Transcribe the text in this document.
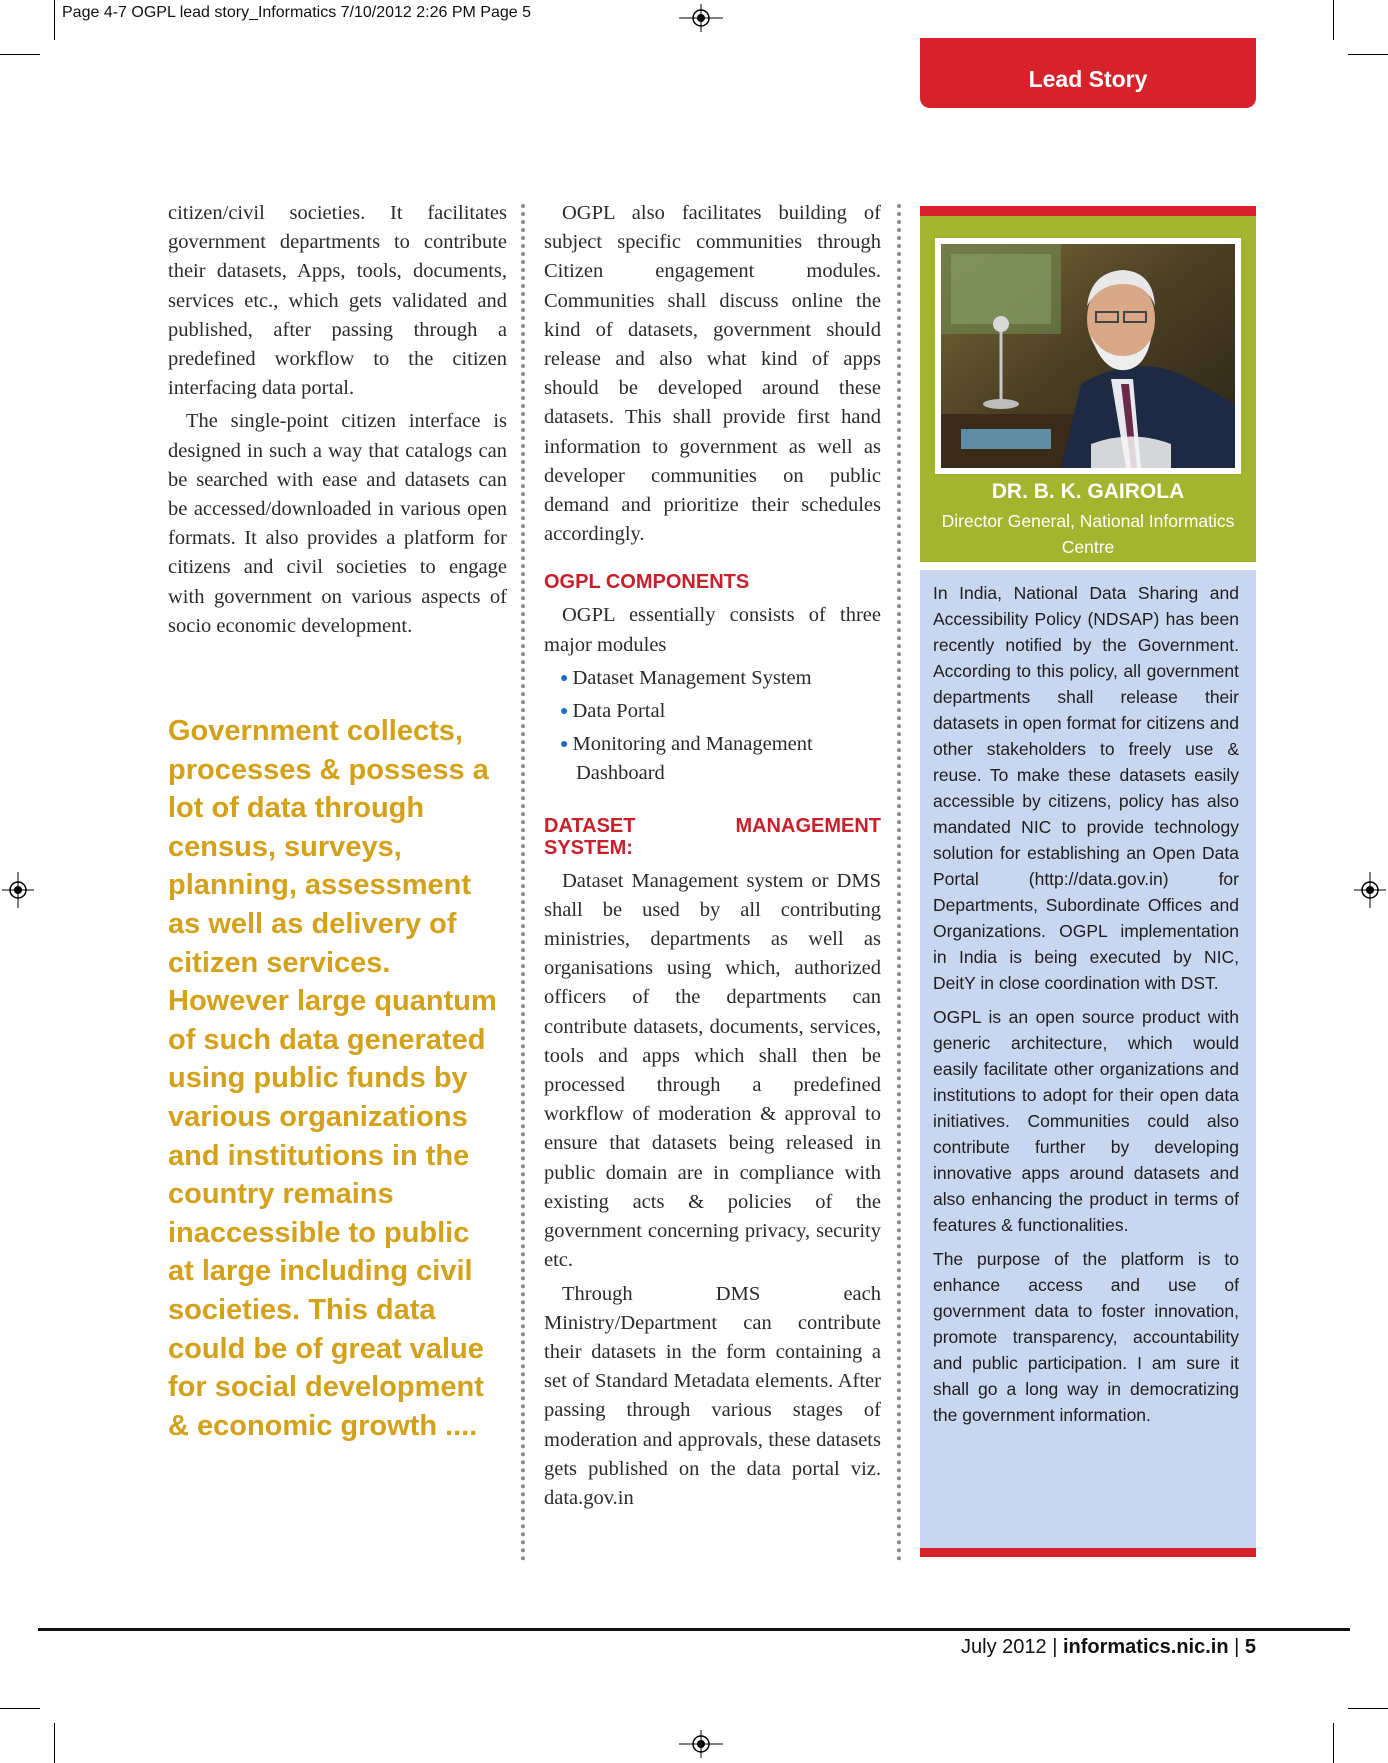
Page 4-7 OGPL lead story_Informatics 7/10/2012 2:26 PM Page 5
Lead Story

citizen/civil societies. It facilitates government departments to contribute their datasets, Apps, tools, documents, services etc., which gets validated and published, after passing through a predefined workflow to the citizen interfacing data portal.

The single-point citizen interface is designed in such a way that catalogs can be searched with ease and datasets can be accessed/downloaded in various open formats. It also provides a platform for citizens and civil societies to engage with government on various aspects of socio economic development.

Government collects, processes & possess a lot of data through census, surveys, planning, assessment as well as delivery of citizen services. However large quantum of such data generated using public funds by various organizations and institutions in the country remains inaccessible to public at large including civil societies. This data could be of great value for social development & economic growth ....

OGPL also facilitates building of subject specific communities through Citizen engagement modules. Communities shall discuss online the kind of datasets, government should release and also what kind of apps should be developed around these datasets. This shall provide first hand information to government as well as developer communities on public demand and prioritize their schedules accordingly.

OGPL COMPONENTS

OGPL essentially consists of three major modules

● Dataset Management System
● Data Portal
● Monitoring and Management Dashboard
DATASET MANAGEMENT SYSTEM:

Dataset Management system or DMS shall be used by all contributing ministries, departments as well as organisations using which, authorized officers of the departments can contribute datasets, documents, services, tools and apps which shall then be processed through a predefined workflow of moderation & approval to ensure that datasets being released in public domain are in compliance with existing acts & policies of the government concerning privacy, security etc.

Through DMS each Ministry/Department can contribute their datasets in the form containing a set of Standard Metadata elements. After passing through various stages of moderation and approvals, these datasets gets published on the data portal viz. data.gov.in

DR. B. K. GAIROLA
Director General, National Informatics Centre

In India, National Data Sharing and Accessibility Policy (NDSAP) has been recently notified by the Government. According to this policy, all government departments shall release their datasets in open format for citizens and other stakeholders to freely use & reuse. To make these datasets easily accessible by citizens, policy has also mandated NIC to provide technology solution for establishing an Open Data Portal (http://data.gov.in) for Departments, Subordinate Offices and Organizations. OGPL implementation in India is being executed by NIC, DeitY in close coordination with DST.

OGPL is an open source product with generic architecture, which would easily facilitate other organizations and institutions to adopt for their open data initiatives. Communities could also contribute further by developing innovative apps around datasets and also enhancing the product in terms of features & functionalities.

The purpose of the platform is to enhance access and use of government data to foster innovation, promote transparency, accountability and public participation. I am sure it shall go a long way in democratizing the government information.

July 2012 | informatics.nic.in | 5
